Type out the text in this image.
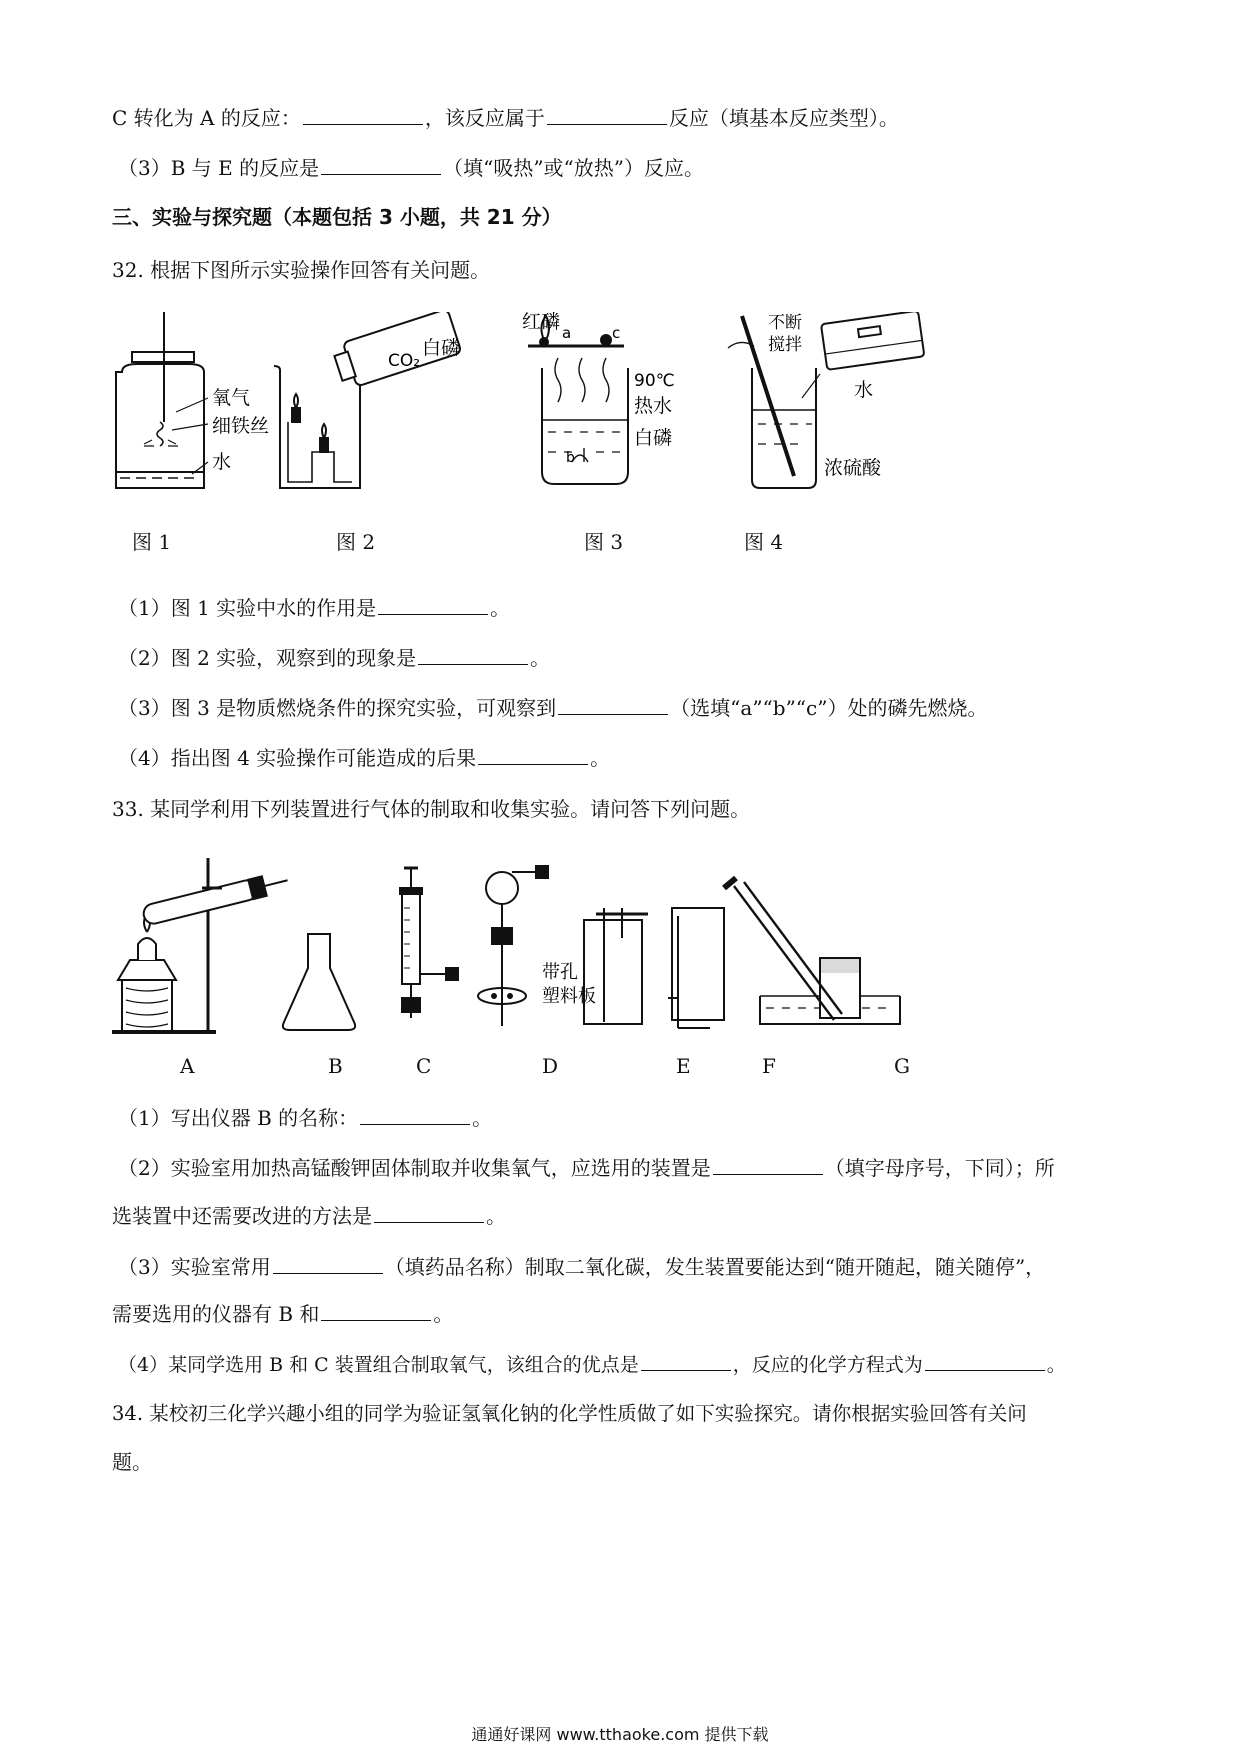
C 转化为 A 的反应：	，该反应属于	反应（填基本反应类型）。
（3）B 与 E 的反应是	（填“吸热”或“放热”）反应。
三、实验与探究题（本题包括 3 小题，共 21 分）
32. 根据下图所示实验操作回答有关问题。
氧气
细铁丝
水
CO₂
红磷
白磷
a	c
b
90℃
热水
白磷
不断
搅拌
水
浓硫酸
图 1	图 2	图 3	图 4
（1）图 1 实验中水的作用是	。
（2）图 2 实验，观察到的现象是	。
（3）图 3 是物质燃烧条件的探究实验，可观察到	（选填“a”“b”“c”）处的磷先燃烧。
（4）指出图 4 实验操作可能造成的后果	。
33. 某同学利用下列装置进行气体的制取和收集实验。请问答下列问题。
带孔
塑料板
A	B	C	D	E	F	G
（1）写出仪器 B 的名称：	。
（2）实验室用加热高锰酸钾固体制取并收集氧气，应选用的装置是	（填字母序号，下同）；所
选装置中还需要改进的方法是	。
（3）实验室常用	（填药品名称）制取二氧化碳，发生装置要能达到“随开随起，随关随停”，
需要选用的仪器有 B 和	。
（4）某同学选用 B 和 C 装置组合制取氧气，该组合的优点是	，反应的化学方程式为	。
34. 某校初三化学兴趣小组的同学为验证氢氧化钠的化学性质做了如下实验探究。请你根据实验回答有关问
题。
通通好课网 www.tthaoke.com 提供下载
